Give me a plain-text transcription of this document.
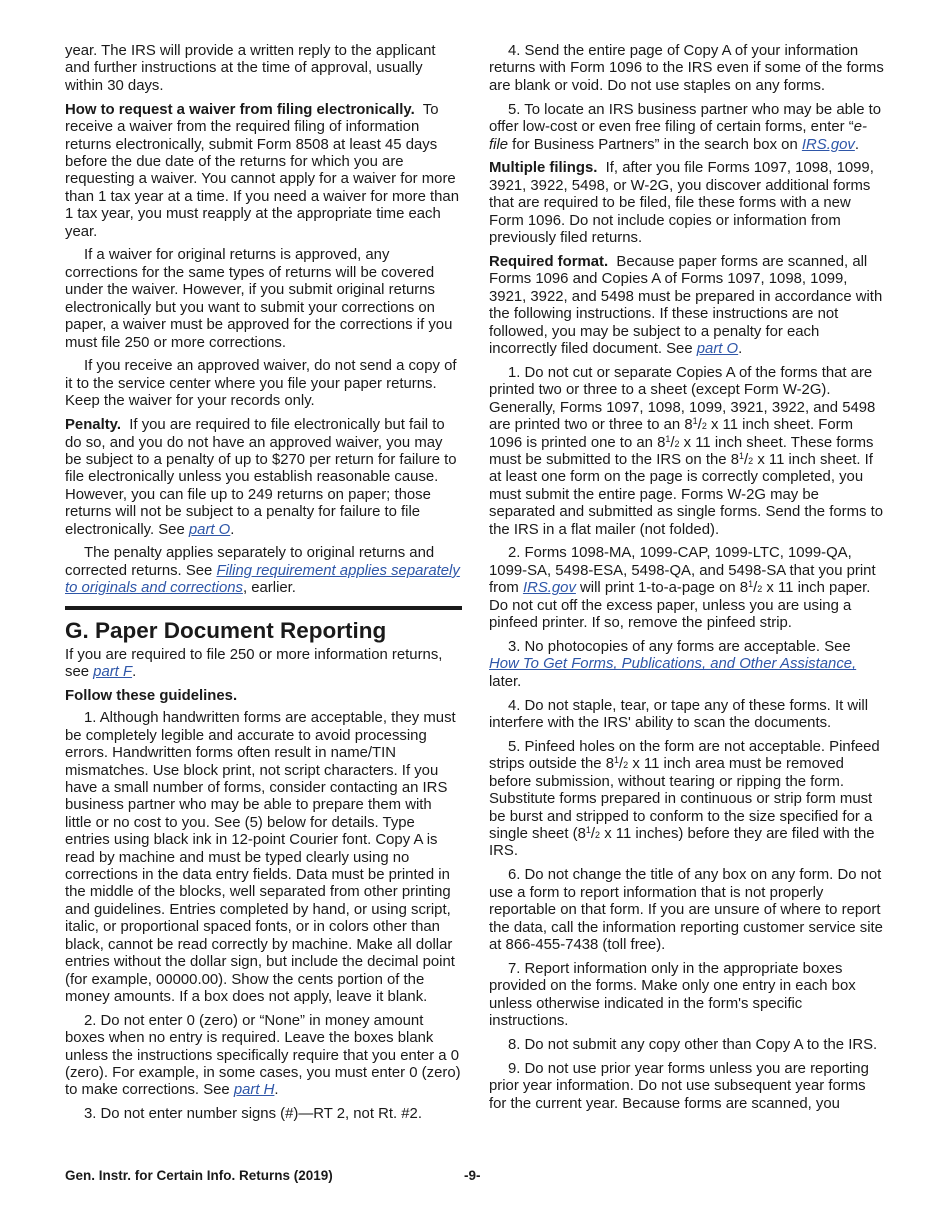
year. The IRS will provide a written reply to the applicant and further instructions at the time of approval, usually within 30 days.

How to request a waiver from filing electronically. To receive a waiver from the required filing of information returns electronically, submit Form 8508 at least 45 days before the due date of the returns for which you are requesting a waiver. You cannot apply for a waiver for more than 1 tax year at a time. If you need a waiver for more than 1 tax year, you must reapply at the appropriate time each year.

If a waiver for original returns is approved, any corrections for the same types of returns will be covered under the waiver. However, if you submit original returns electronically but you want to submit your corrections on paper, a waiver must be approved for the corrections if you must file 250 or more corrections.

If you receive an approved waiver, do not send a copy of it to the service center where you file your paper returns. Keep the waiver for your records only.

Penalty. If you are required to file electronically but fail to do so, and you do not have an approved waiver, you may be subject to a penalty of up to $270 per return for failure to file electronically unless you establish reasonable cause. However, you can file up to 249 returns on paper; those returns will not be subject to a penalty for failure to file electronically. See part O.

The penalty applies separately to original returns and corrected returns. See Filing requirement applies separately to originals and corrections, earlier.

G. Paper Document Reporting

If you are required to file 250 or more information returns, see part F.

Follow these guidelines.

1. Although handwritten forms are acceptable, they must be completely legible and accurate to avoid processing errors. Handwritten forms often result in name/TIN mismatches. Use block print, not script characters. If you have a small number of forms, consider contacting an IRS business partner who may be able to prepare them with little or no cost to you. See (5) below for details. Type entries using black ink in 12-point Courier font. Copy A is read by machine and must be typed clearly using no corrections in the data entry fields. Data must be printed in the middle of the blocks, well separated from other printing and guidelines. Entries completed by hand, or using script, italic, or proportional spaced fonts, or in colors other than black, cannot be read correctly by machine. Make all dollar entries without the dollar sign, but include the decimal point (for example, 00000.00). Show the cents portion of the money amounts. If a box does not apply, leave it blank.

2. Do not enter 0 (zero) or “None” in money amount boxes when no entry is required. Leave the boxes blank unless the instructions specifically require that you enter a 0 (zero). For example, in some cases, you must enter 0 (zero) to make corrections. See part H.

3. Do not enter number signs (#)—RT 2, not Rt. #2.

4. Send the entire page of Copy A of your information returns with Form 1096 to the IRS even if some of the forms are blank or void. Do not use staples on any forms.

5. To locate an IRS business partner who may be able to offer low-cost or even free filing of certain forms, enter “e-file for Business Partners” in the search box on IRS.gov.

Multiple filings. If, after you file Forms 1097, 1098, 1099, 3921, 3922, 5498, or W-2G, you discover additional forms that are required to be filed, file these forms with a new Form 1096. Do not include copies or information from previously filed returns.

Required format. Because paper forms are scanned, all Forms 1096 and Copies A of Forms 1097, 1098, 1099, 3921, 3922, and 5498 must be prepared in accordance with the following instructions. If these instructions are not followed, you may be subject to a penalty for each incorrectly filed document. See part O.

1. Do not cut or separate Copies A of the forms that are printed two or three to a sheet (except Form W-2G). Generally, Forms 1097, 1098, 1099, 3921, 3922, and 5498 are printed two or three to an $8^1/2$ x 11 inch sheet. Form 1096 is printed one to an $8^1/2$ x 11 inch sheet. These forms must be submitted to the IRS on the $8^1/2$ x 11 inch sheet. If at least one form on the page is correctly completed, you must submit the entire page. Forms W-2G may be separated and submitted as single forms. Send the forms to the IRS in a flat mailer (not folded).

2. Forms 1098-MA, 1099-CAP, 1099-LTC, 1099-QA, 1099-SA, 5498-ESA, 5498-QA, and 5498-SA that you print from IRS.gov will print 1-to-a-page on $8^1/2$ x 11 inch paper. Do not cut off the excess paper, unless you are using a pinfeed printer. If so, remove the pinfeed strip.

3. No photocopies of any forms are acceptable. See How To Get Forms, Publications, and Other Assistance, later.

4. Do not staple, tear, or tape any of these forms. It will interfere with the IRS' ability to scan the documents.

5. Pinfeed holes on the form are not acceptable. Pinfeed strips outside the $8^1/2$ x 11 inch area must be removed before submission, without tearing or ripping the form. Substitute forms prepared in continuous or strip form must be burst and stripped to conform to the size specified for a single sheet ($8^1/2$ x 11 inches) before they are filed with the IRS.

6. Do not change the title of any box on any form. Do not use a form to report information that is not properly reportable on that form. If you are unsure of where to report the data, call the information reporting customer service site at 866-455-7438 (toll free).

7. Report information only in the appropriate boxes provided on the forms. Make only one entry in each box unless otherwise indicated in the form's specific instructions.

8. Do not submit any copy other than Copy A to the IRS.

9. Do not use prior year forms unless you are reporting prior year information. Do not use subsequent year forms for the current year. Because forms are scanned, you

Gen. Instr. for Certain Info. Returns (2019)	-9-
